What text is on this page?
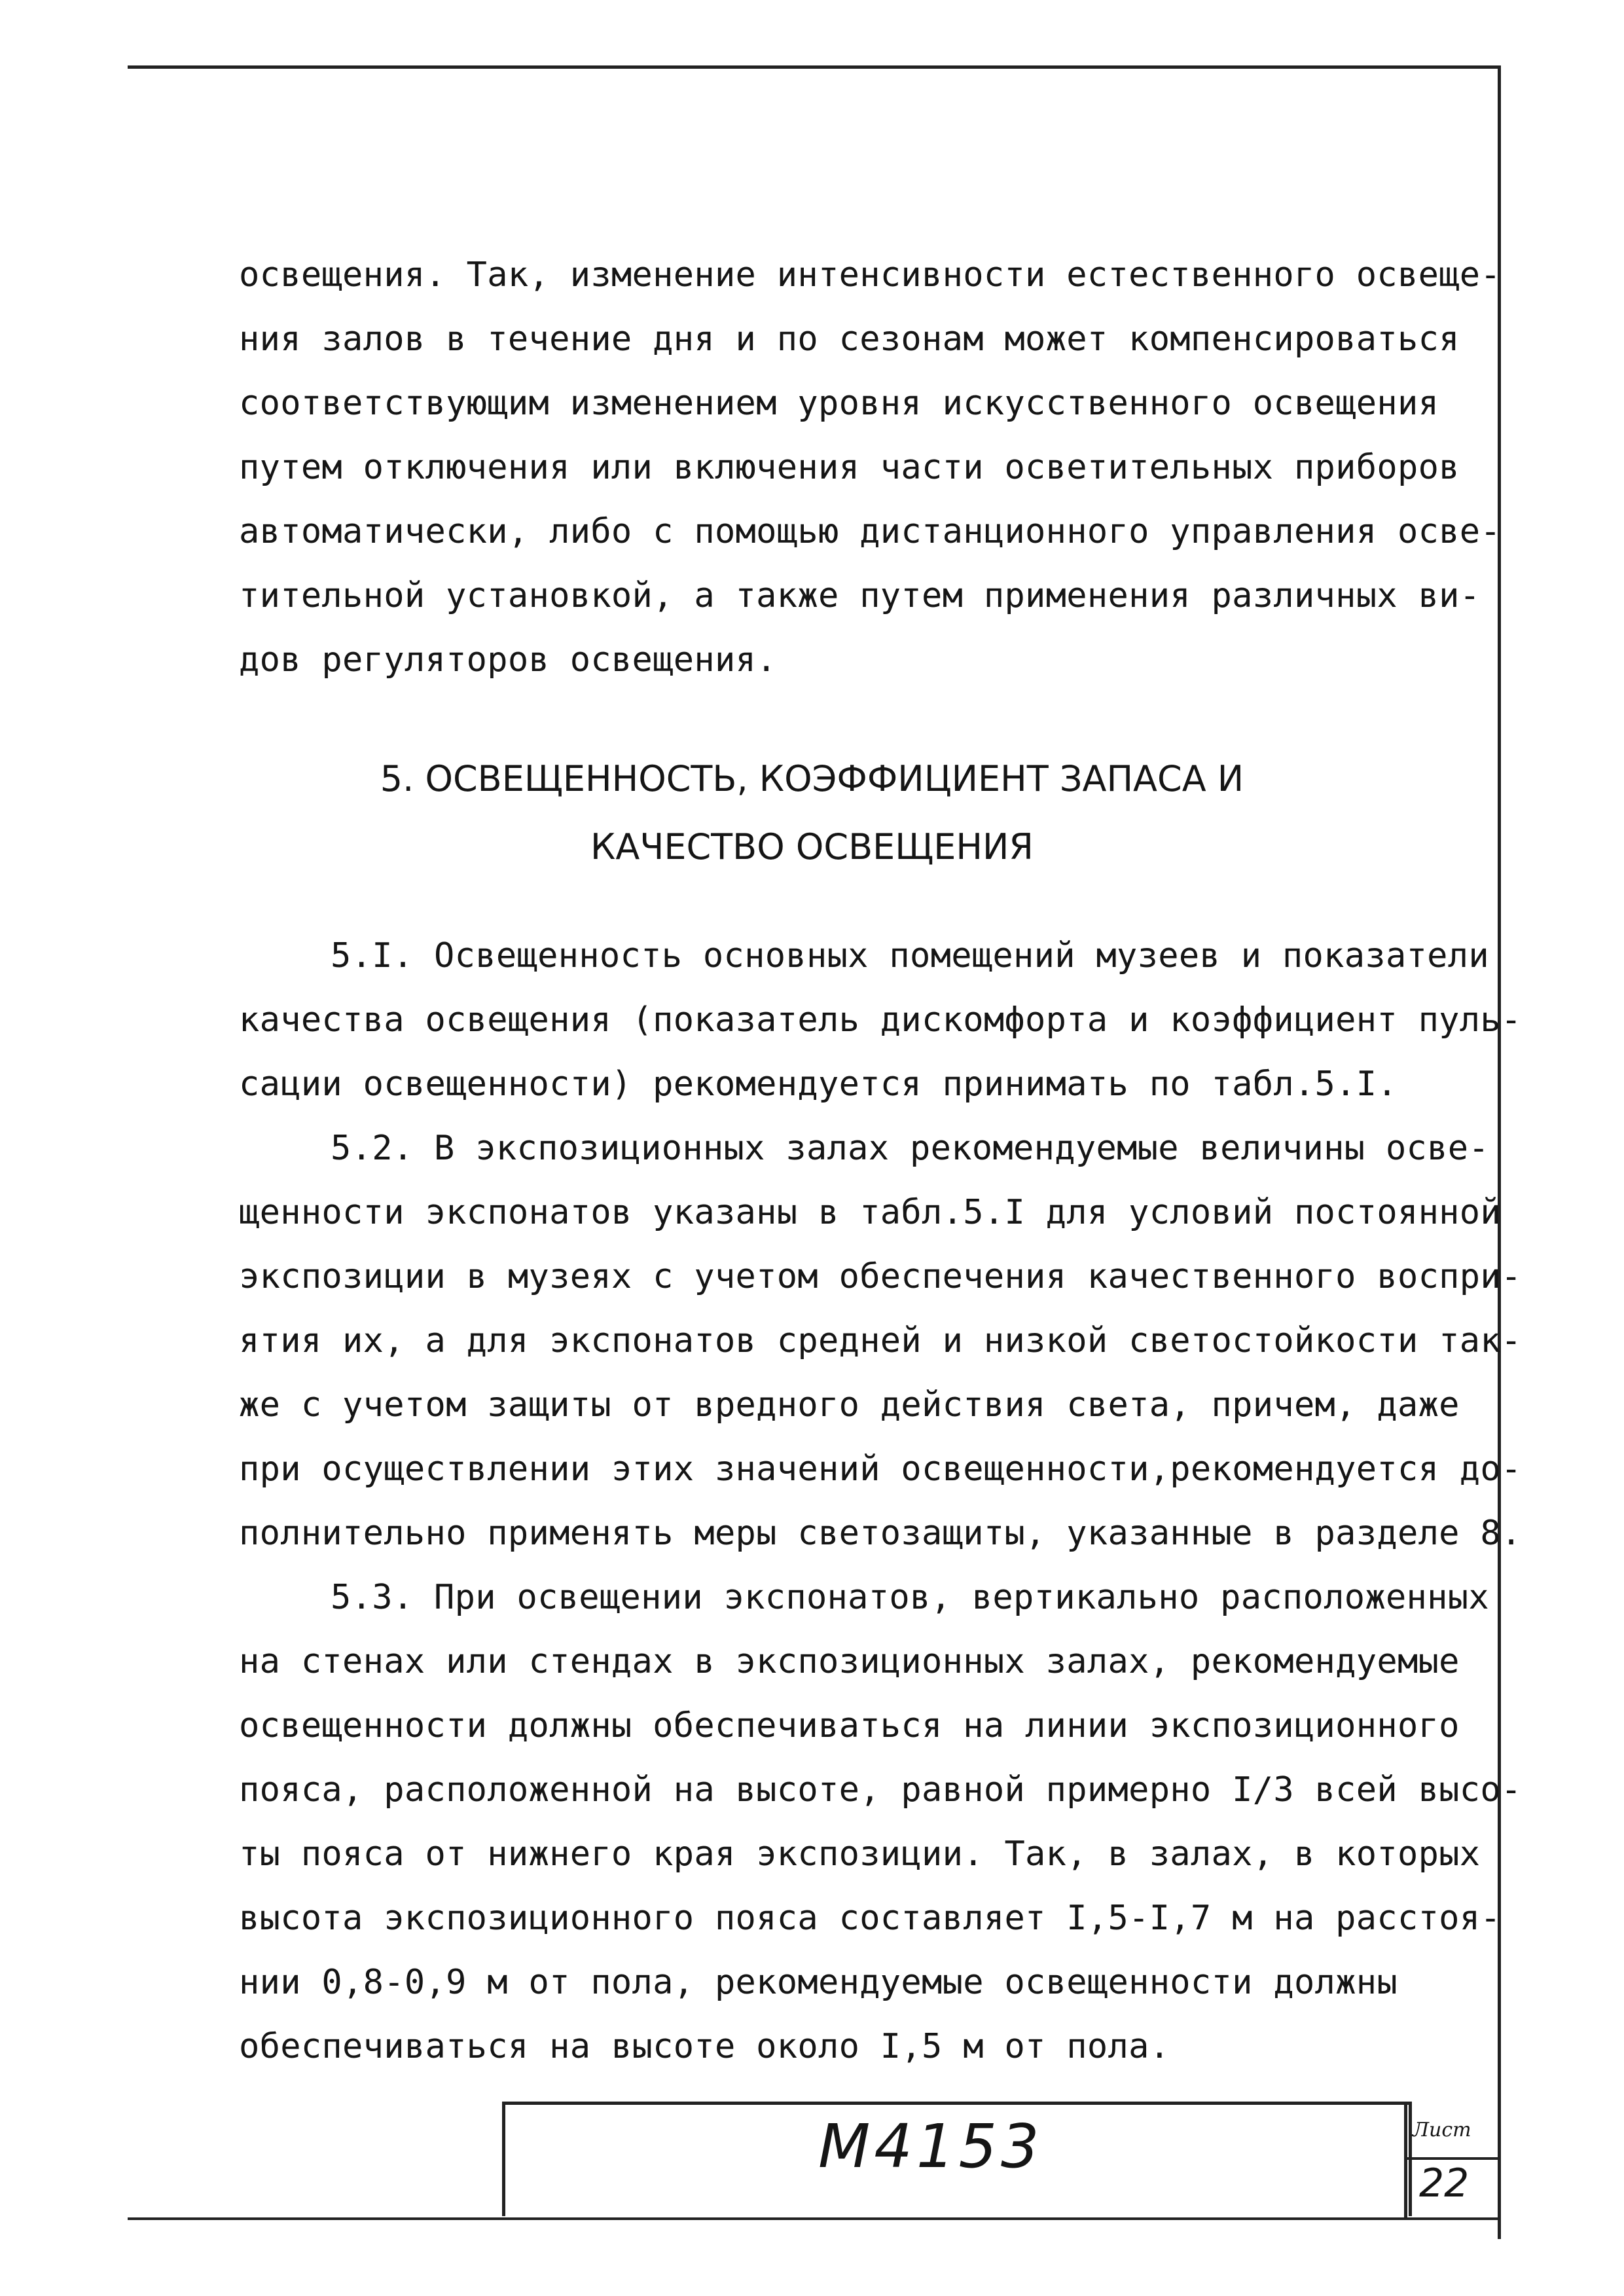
освещения. Так, изменение интенсивности естественного освеще-
ния залов в течение дня и по сезонам может компенсироваться
соответствующим изменением уровня искусственного освещения
путем отключения или включения части осветительных приборов
автоматически, либо с помощью дистанционного управления осве-
тительной установкой, а также путем применения различных ви-
дов регуляторов освещения.
5. ОСВЕЩЕННОСТЬ, КОЭФФИЦИЕНТ ЗАПАСА И
КАЧЕСТВО ОСВЕЩЕНИЯ
5.I. Освещенность основных помещений музеев и показатели
качества освещения (показатель дискомфорта и коэффициент пуль-
сации освещенности) рекомендуется принимать по табл.5.I.
5.2. В экспозиционных залах рекомендуемые величины осве-
щенности экспонатов указаны в табл.5.I для условий постоянной
экспозиции в музеях с учетом обеспечения качественного воспри-
ятия их, а для экспонатов средней и низкой светостойкости так-
же с учетом защиты от вредного действия света, причем, даже
при осуществлении этих значений освещенности,рекомендуется до-
полнительно применять меры светозащиты, указанные в разделе 8.
5.3. При освещении экспонатов, вертикально расположенных
на стенах или стендах в экспозиционных залах, рекомендуемые
освещенности должны обеспечиваться на линии экспозиционного
пояса, расположенной на высоте, равной примерно I/3 всей высо-
ты пояса от нижнего края экспозиции. Так, в залах, в которых
высота экспозиционного пояса составляет I,5-I,7 м на расстоя-
нии 0,8-0,9 м от пола, рекомендуемые освещенности должны
обеспечиваться на высоте около I,5 м от пола.
М4153	Лист
22
